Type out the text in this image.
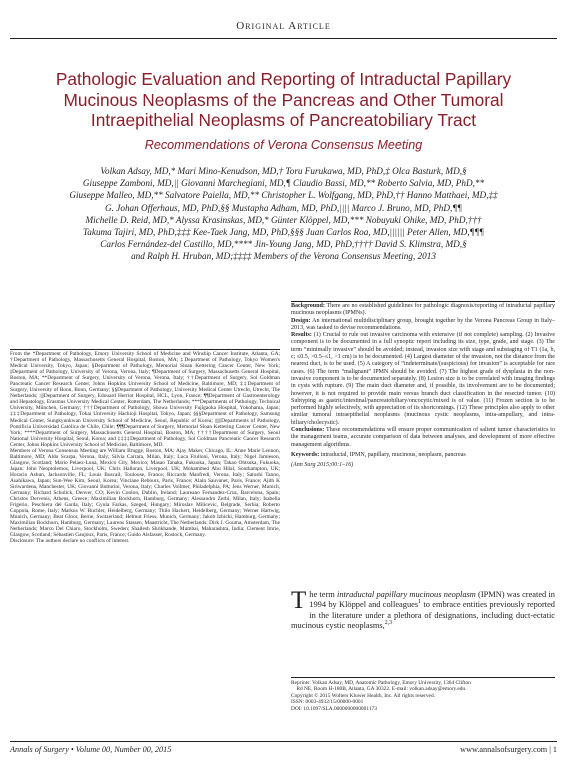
Original Article
Pathologic Evaluation and Reporting of Intraductal Papillary Mucinous Neoplasms of the Pancreas and Other Tumoral Intraepithelial Neoplasms of Pancreatobiliary Tract
Recommendations of Verona Consensus Meeting
Volkan Adsay, MD,* Mari Mino-Kenudson, MD,† Toru Furukawa, MD, PhD,‡ Olca Basturk, MD,§
Giuseppe Zamboni, MD,|| Giovanni Marchegiani, MD,¶ Claudio Bassi, MD,** Roberto Salvia, MD, PhD,**
Giuseppe Malleo, MD,** Salvatore Paiella, MD,** Christopher L. Wolfgang, MD, PhD,†† Hanno Matthaei, MD,‡‡
G. Johan Offerhaus, MD, PhD,§§ Mustapha Adham, MD, PhD,|||| Marco J. Bruno, MD, PhD,¶¶
Michelle D. Reid, MD,* Alyssa Krasinskas, MD,* Günter Klöppel, MD,*** Nobuyuki Ohike, MD, PhD,†††
Takuma Tajiri, MD, PhD,‡‡‡ Kee-Taek Jang, MD, PhD,§§§ Juan Carlos Roa, MD,|||||| Peter Allen, MD,¶¶¶
Carlos Fernández-del Castillo, MD,**** Jin-Young Jang, MD, PhD,†††† David S. Klimstra, MD,§
and Ralph H. Hruban, MD;‡‡‡‡ Members of the Verona Consensus Meeting, 2013

Background: There are no established guidelines for pathologic diagnosis/reporting of intraductal papillary mucinous neoplasms (IPMNs).

Design: An international multidisciplinary group, brought together by the Verona Pancreas Group in Italy–2013, was tasked to devise recommendations.

Results: (1) Crucial to rule out invasive carcinoma with extensive (if not complete) sampling. (2) Invasive component is to be documented in a full synoptic report including its size, type, grade, and stage. (3) The term “minimally invasive” should be avoided; instead, invasion size with stage and substaging of T1 (1a, b, c; ≤0.5, >0.5–≤1, >1 cm) is to be documented. (4) Largest diameter of the invasion, not the distance from the nearest duct, is to be used. (5) A category of “indeterminate/(suspicious) for invasion” is acceptable for rare cases. (6) The term “malignant” IPMN should be avoided. (7) The highest grade of dysplasia in the non-invasive component is to be documented separately. (8) Lesion size is to be correlated with imaging findings in cysts with rupture. (9) The main duct diameter and, if possible, its involvement are to be documented; however, it is not required to provide main versus branch duct classification in the resected tumor. (10) Subtyping as gastric/intestinal/pancreatobiliary/oncocytic/mixed is of value. (11) Frozen section is to be performed highly selectively, with appreciation of its shortcomings. (12) These principles also apply to other similar tumoral intraepithelial neoplasms (mucinous cystic neoplasms, intra-ampullary, and intra-biliary/cholecystic).

Conclusions: These recommendations will ensure proper communication of salient tumor characteristics to the management teams, accurate comparison of data between analyses, and development of more effective management algorithms.

Keywords: intraductal, IPMN, papillary, mucinous, neoplasm, pancreas

(Ann Surg 2015;00:1–16)

From the *Department of Pathology, Emory University School of Medicine and Winship Cancer Institute, Atlanta, GA; †Department of Pathology, Massachusetts General Hospital, Boston, MA; ‡Department of Pathology, Tokyo Women's Medical University, Tokyo, Japan; §Department of Pathology, Memorial Sloan Kettering Cancer Center, New York; ||Department of Pathology, University of Verona, Verona, Italy; ¶Department of Surgery, Massachusetts General Hospital, Boston, MA; **Department of Surgery, University of Verona, Verona, Italy; ††Department of Surgery, Sol Goldman Pancreatic Cancer Research Center, Johns Hopkins University School of Medicine, Baltimore, MD; ‡‡Department of Surgery, University of Bonn, Bonn, Germany; §§Department of Pathology, University Medical Center Utrecht, Utrecht, The Netherlands; ||||Department of Surgery, Edouard Herriot Hospital, HCL, Lyon, France; ¶¶Department of Gastroenterology and Hepatology, Erasmus University Medical Center, Rotterdam, The Netherlands; ***Departments of Pathology, Technical University, München, Germany; †††Department of Pathology, Showa University Fujigaoka Hospital, Yokohama, Japan; ‡‡‡Department of Pathology, Tokai University Hachioji Hospital, Tokyo, Japan; §§§Department of Pathology, Samsung Medical Center, Sungkyunkwan University School of Medicine, Seoul, Republic of Korea; ||||||Departments of Pathology, Pontificia Universidad Católica de Chile, Chile; ¶¶¶Department of Surgery, Memorial Sloan Kettering Cancer Center, New York; ****Department of Surgery, Massachusetts General Hospital, Boston, MA; ††††Department of Surgery, Seoul National University Hospital, Seoul, Korea; and ‡‡‡‡Department of Pathology, Sol Goldman Pancreatic Cancer Research Center, Johns Hopkins University School of Medicine, Baltimore, MD.

Members of Verona Consensus Meeting are William Brugge, Boston, MA; Ajay Maker, Chicago, IL; Anne Marie Lennon, Baltimore, MD; Aldo Scarpa, Verona, Italy; Silvia Carrara, Milan, Italy; Luca Frulloni, Verona, Italy; Nigel Jamieson, Glasgow, Scotland; Mario Pelaez-Luna, Mexico City, Mexico; Masao Tanaka, Fukuoka, Japan; Takao Ohtsuka, Fukuoka, Japan; John Neoptolemos, Liverpool, UK; Chris Halloran, Liverpool, UK; Mohammed Abu Hilal, Southampton, UK; Horacio Asbun, Jacksonville, FL; Louis Buscail, Toulouse, France; Riccardo Manfredi, Verona, Italy; Satoshi Tanno, Asahikawa, Japan; Sun-Wee Kim, Seoul, Korea; Vinciane Rebours, Paris, France; Alain Sauvanet, Paris, France; Ajith K Siriwardena, Manchester, UK; Giovanni Butturini, Verona, Italy; Charles Vollmer, Philadelphia, PA; Jens Werner, Munich, Germany; Richard Schulick, Denver, CO; Kevin Conlon, Dublin, Ireland; Laureano Fernandez-Cruz, Barcelona, Spain; Christos Dervenis, Athens, Greece; Maximilian Bockhorn, Hamburg, Germany; Alessandro Zerbi, Milan, Italy; Isabella Frigerio, Peschiera del Garda, Italy; Gyula Farkas, Szeged, Hungary; Miroslav Milicevic, Belgrade, Serbia; Roberto Coppola, Rome, Italy; Markus W. Buchler, Heidelberg, Germany; Thilo Hackert, Heidelberg, Germany; Werner Hartwig, Munich, Germany; Beat Gloor, Berne, Switzerland; Helmut Friess, Munich, Germany; Jakob Izbicki, Hamburg, Germany; Maximilian Bockhorn, Hamburg, Germany; Laurens Stassen, Maastricht, The Netherlands; Dirk J. Gouma, Amsterdam, The Netherlands; Marco Del Chiaro, Stockholm, Sweden; Shailesh Shrikhande, Mumbai, Maharashtra, India; Clement Imrie, Glasgow, Scotland; Sébastien Gaujoux, Paris, France; Guido Alsfasser, Rostock, Germany.

Disclosure: The authors declare no conflicts of interest.

The term intraductal papillary mucinous neoplasm (IPMN) was created in 1994 by Klöppel and colleagues$^1$ to embrace entities previously reported in the literature under a plethora of designations, including duct-ectatic mucinous cystic neoplasms,$^{2,3}$
Reprints: Volkan Adsay, MD, Anatomic Pathology, Emory University, 1364 Clifton
Rd NE, Room H-180B, Atlanta, GA 30322. E-mail: volkan.adsay@emory.edu.
Copyright © 2015 Wolters Kluwer Health, Inc. All rights reserved.
ISSN: 0003-4932/15/00000-0001
DOI: 10.1097/SLA.0000000000001173
Annals of Surgery • Volume 00, Number 00, 2015	www.annalsofsurgery.com | 1
